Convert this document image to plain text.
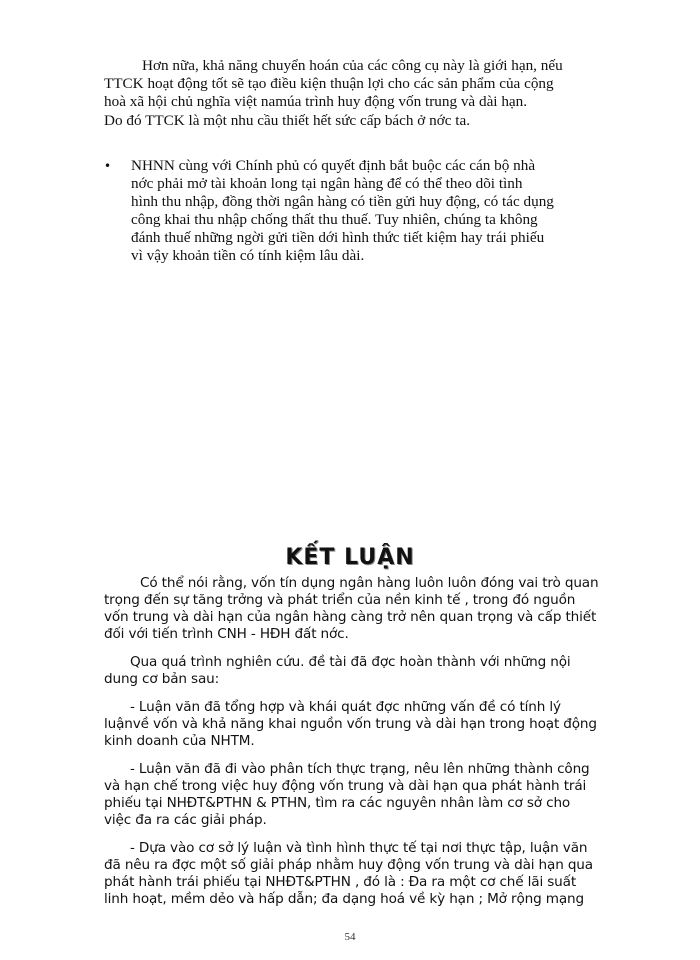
Hơn nữa, khả năng chuyển hoán của các công cụ này là giới hạn, nếu
TTCK hoạt động tốt sẽ tạo điều kiện thuận lợi cho các sản phẩm của cộng
hoà xã hội chủ nghĩa việt namúa trình huy động vốn trung và dài hạn.
Do đó TTCK là một nhu cầu thiết hết sức cấp bách ở nớc ta.
• NHNN cùng với Chính phủ có quyết định bắt buộc các cán bộ nhà
nớc phải mở tài khoản long tại ngân hàng để có thể theo dõi tình
hình thu nhập, đồng thời ngân hàng có tiền gửi huy động, có tác dụng
công khai thu nhập chống thất thu thuế. Tuy nhiên, chúng ta không
đánh thuế những ngời gửi tiền dới hình thức tiết kiệm hay trái phiếu
vì vậy khoản tiền có tính kiệm lâu dài.
KẾT LUẬN
Có thể nói rằng, vốn tín dụng ngân hàng luôn luôn đóng vai trò quan
trọng đến sự tăng trởng và phát triển của nền kinh tế , trong đó nguồn
vốn trung và dài hạn của ngân hàng càng trở nên quan trọng và cấp thiết
đối với tiến trình CNH - HĐH đất nớc.
Qua quá trình nghiên cứu. đề tài đã đợc hoàn thành với những nội
dung cơ bản sau:
- Luận văn đã tổng hợp và khái quát đợc những vấn đề có tính lý
luậnvề vốn và khả năng khai nguồn vốn trung và dài hạn trong hoạt động
kinh doanh của NHTM.
- Luận văn đã đi vào phân tích thực trạng, nêu lên những thành công
và hạn chế trong việc huy động vốn trung và dài hạn qua phát hành trái
phiếu tại NHĐT&PTHN & PTHN, tìm ra các nguyên nhân làm cơ sở cho
việc đa ra các giải pháp.
- Dựa vào cơ sở lý luận và tình hình thực tế tại nơi thực tập, luận văn
đã nêu ra đợc một số giải pháp nhằm huy động vốn trung và dài hạn qua
phát hành trái phiếu tại NHĐT&PTHN , đó là : Đa ra một cơ chế lãi suất
linh hoạt, mềm dẻo và hấp dẫn; đa dạng hoá về kỳ hạn ; Mở rộng mạng
54
